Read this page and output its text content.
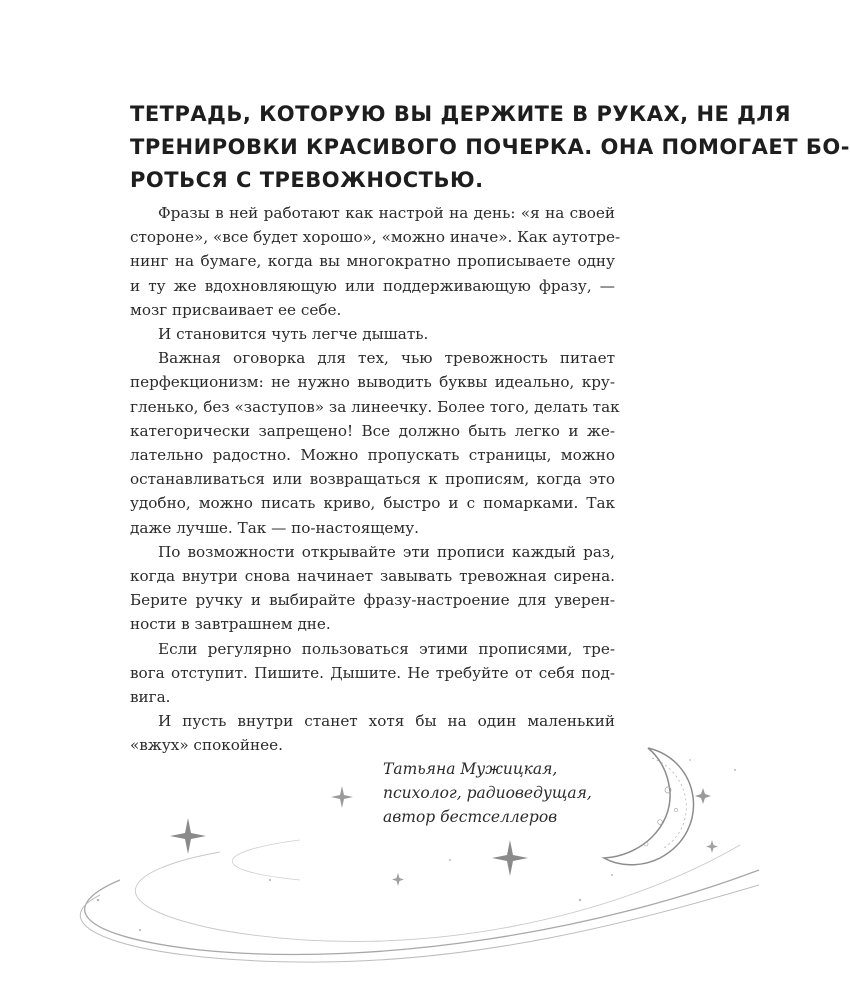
ТЕТРАДЬ, КОТОРУЮ ВЫ ДЕРЖИТЕ В РУКАХ, НЕ ДЛЯ
ТРЕНИРОВКИ КРАСИВОГО ПОЧЕРКА. ОНА ПОМОГАЕТ БО-
РОТЬСЯ С ТРЕВОЖНОСТЬЮ.
Фразы в ней работают как настрой на день: «я на своей
стороне», «все будет хорошо», «можно иначе». Как аутотре-
нинг на бумаге, когда вы многократно прописываете одну
и ту же вдохновляющую или поддерживающую фразу, —
мозг присваивает ее себе.
И становится чуть легче дышать.
Важная оговорка для тех, чью тревожность питает
перфекционизм: не нужно выводить буквы идеально, кру-
гленько, без «заступов» за линеечку. Более того, делать так
категорически запрещено! Все должно быть легко и же-
лательно радостно. Можно пропускать страницы, можно
останавливаться или возвращаться к прописям, когда это
удобно, можно писать криво, быстро и с помарками. Так
даже лучше. Так — по-настоящему.
По возможности открывайте эти прописи каждый раз,
когда внутри снова начинает завывать тревожная сирена.
Берите ручку и выбирайте фразу-настроение для уверен-
ности в завтрашнем дне.
Если регулярно пользоваться этими прописями, тре-
вога отступит. Пишите. Дышите. Не требуйте от себя под-
вига.
И пусть внутри станет хотя бы на один маленький
«вжух» спокойнее.
Татьяна Мужицкая,
психолог, радиоведущая,
автор бестселлеров
